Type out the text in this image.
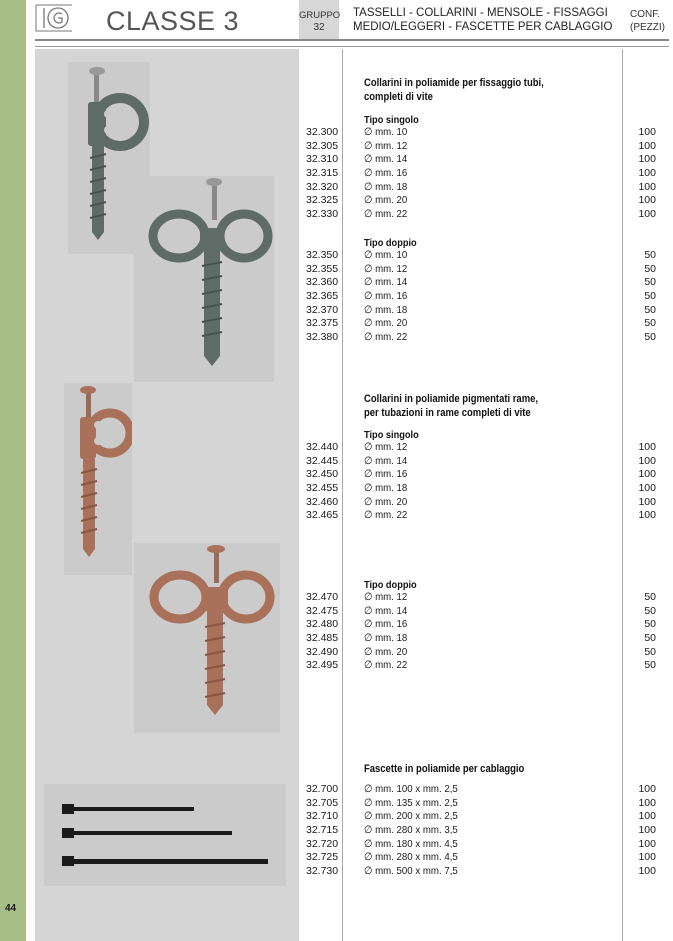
44
CLASSE 3	GRUPPO
32
TASSELLI - COLLARINI - MENSOLE - FISSAGGI
MEDIO/LEGGERI - FASCETTE PER CABLAGGIO
CONF.
(PEZZI)
Collarini in poliamide per fissaggio tubi,
completi di vite
Tipo singolo
32.300 ∅ mm. 10	100
32.305 ∅ mm. 12	100
32.310 ∅ mm. 14	100
32.315 ∅ mm. 16	100
32.320 ∅ mm. 18	100
32.325 ∅ mm. 20	100
32.330 ∅ mm. 22	100
Tipo doppio
32.350 ∅ mm. 10	50
32.355 ∅ mm. 12	50
32.360 ∅ mm. 14	50
32.365 ∅ mm. 16	50
32.370 ∅ mm. 18	50
32.375 ∅ mm. 20	50
32.380 ∅ mm. 22	50
Collarini in poliamide pigmentati rame,
per tubazioni in rame completi di vite
Tipo singolo
32.440 ∅ mm. 12	100
32.445 ∅ mm. 14	100
32.450 ∅ mm. 16	100
32.455 ∅ mm. 18	100
32.460 ∅ mm. 20	100
32.465 ∅ mm. 22	100
Tipo doppio
32.470 ∅ mm. 12	50
32.475 ∅ mm. 14	50
32.480 ∅ mm. 16	50
32.485 ∅ mm. 18	50
32.490 ∅ mm. 20	50
32.495 ∅ mm. 22	50
Fascette in poliamide per cablaggio
32.700 ∅ mm. 100 x mm. 2,5	100
32.705 ∅ mm. 135 x mm. 2,5	100
32.710 ∅ mm. 200 x mm. 2,5	100
32.715 ∅ mm. 280 x mm. 3,5	100
32.720 ∅ mm. 180 x mm. 4,5	100
32.725 ∅ mm. 280 x mm. 4,5	100
32.730 ∅ mm. 500 x mm. 7,5	100
